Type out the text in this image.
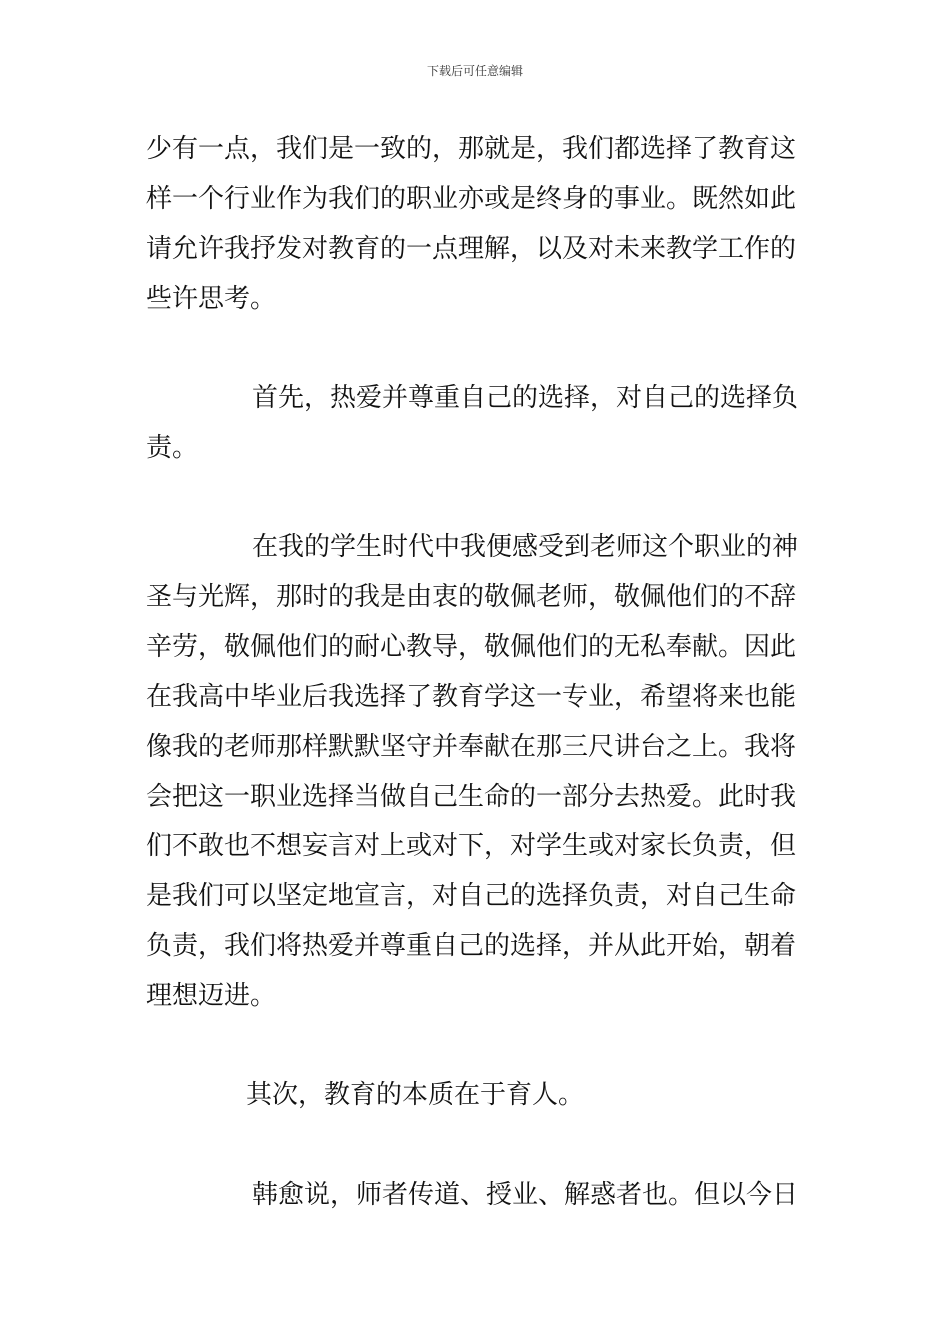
下载后可任意编辑
少有一点，我们是一致的，那就是，我们都选择了教育这
样一个行业作为我们的职业亦或是终身的事业。既然如此
请允许我抒发对教育的一点理解，以及对未来教学工作的
些许思考。
首先，热爱并尊重自己的选择，对自己的选择负
责。
在我的学生时代中我便感受到老师这个职业的神
圣与光辉，那时的我是由衷的敬佩老师，敬佩他们的不辞
辛劳，敬佩他们的耐心教导，敬佩他们的无私奉献。因此
在我高中毕业后我选择了教育学这一专业，希望将来也能
像我的老师那样默默坚守并奉献在那三尺讲台之上。我将
会把这一职业选择当做自己生命的一部分去热爱。此时我
们不敢也不想妄言对上或对下，对学生或对家长负责，但
是我们可以坚定地宣言，对自己的选择负责，对自己生命
负责，我们将热爱并尊重自己的选择，并从此开始，朝着
理想迈进。
其次，教育的本质在于育人。
韩愈说，师者传道、授业、解惑者也。但以今日
